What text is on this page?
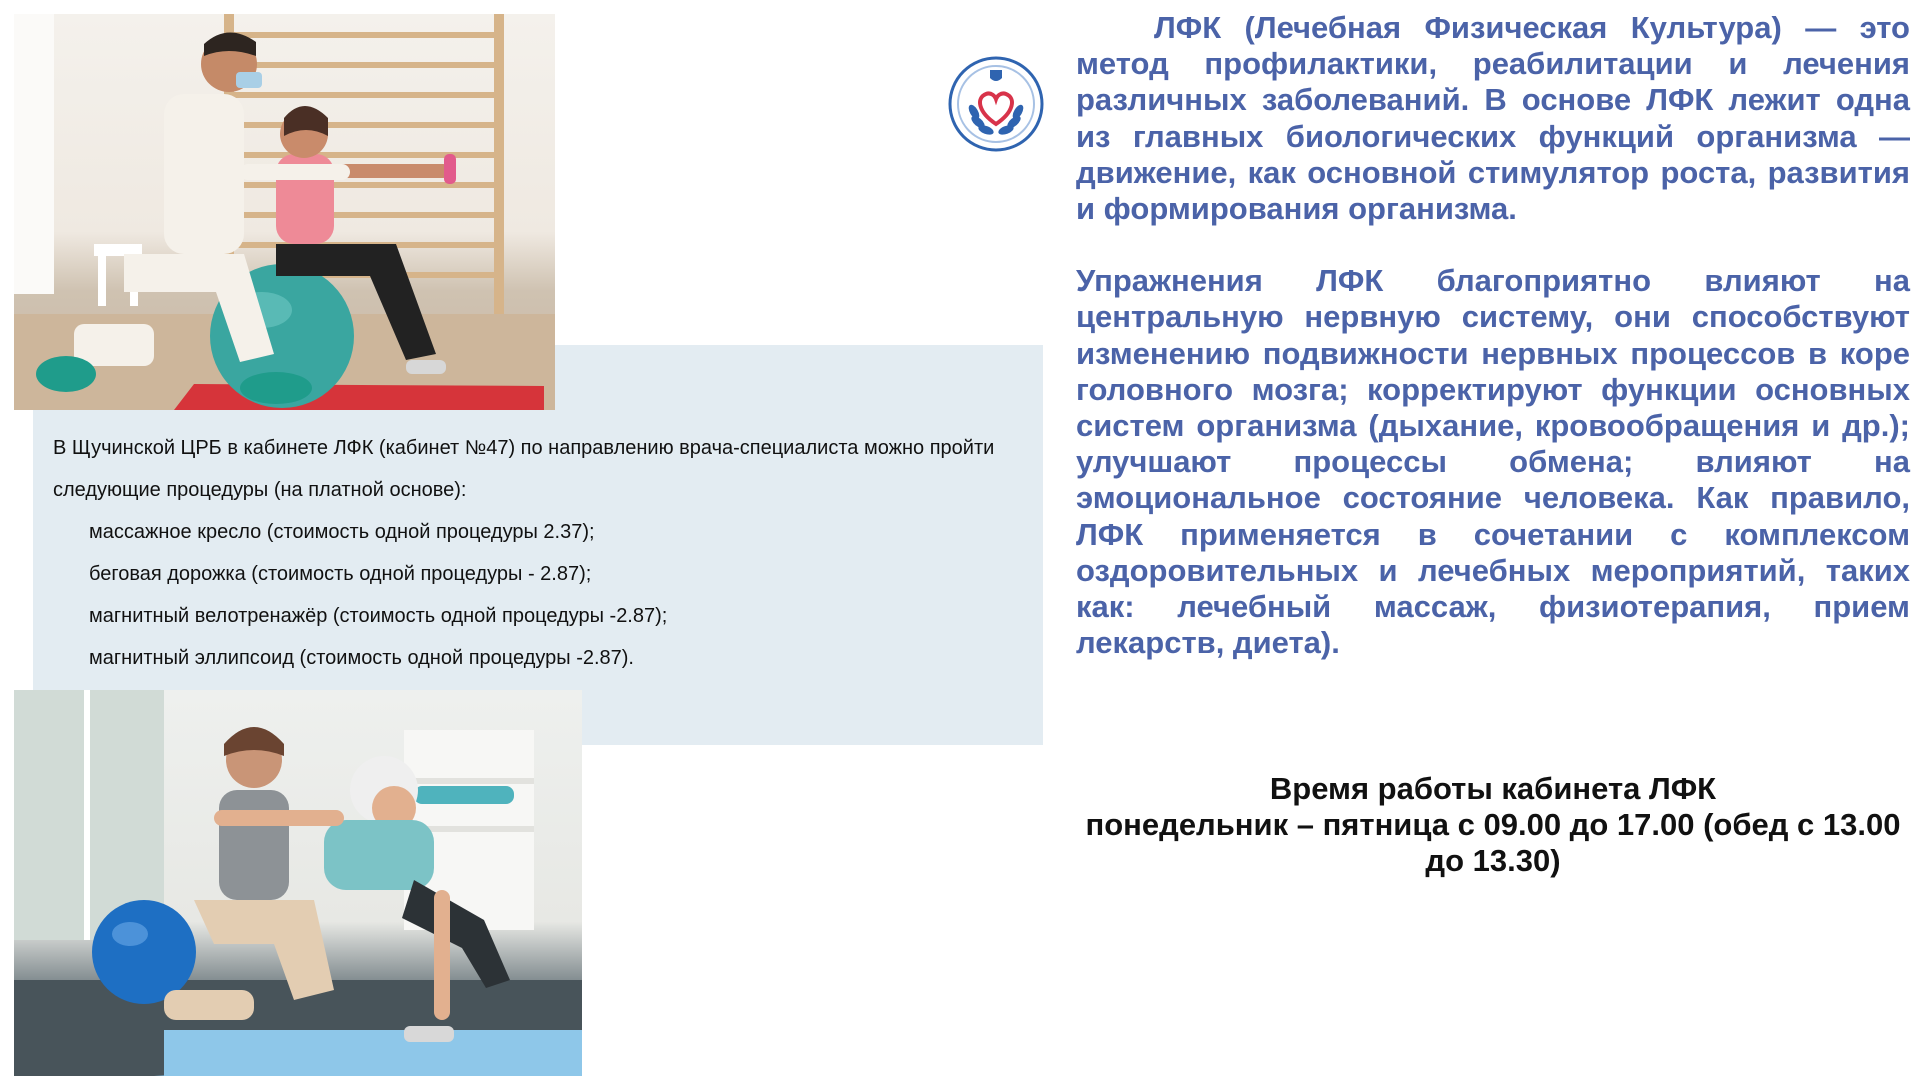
В Щучинской ЦРБ в кабинете ЛФК (кабинет №47) по направлению врача-специалиста можно пройти следующие процедуры (на платной основе):

массажное кресло (стоимость одной процедуры 2.37);
беговая дорожка (стоимость одной процедуры - 2.87);
магнитный велотренажёр (стоимость одной процедуры -2.87);
магнитный эллипсоид (стоимость одной процедуры -2.87).

ЛФК (Лечебная Физическая Культура) — это метод профилактики, реабилитации и лечения различных заболеваний. В основе ЛФК лежит одна из главных биологических функций организма — движение, как основной стимулятор роста, развития и формирования организма.

Упражнения ЛФК благоприятно влияют на центральную нервную систему, они способствуют изменению подвижности нервных процессов в коре головного мозга; корректируют функции основных систем организма (дыхание, кровообращения и др.); улучшают процессы обмена; влияют на эмоциональное состояние человека. Как правило, ЛФК применяется в сочетании с комплексом оздоровительных и лечебных мероприятий, таких как: лечебный массаж, физиотерапия, прием лекарств, диета).

Время работы кабинета ЛФК
понедельник – пятница с 09.00 до 17.00 (обед с 13.00 до 13.30)
